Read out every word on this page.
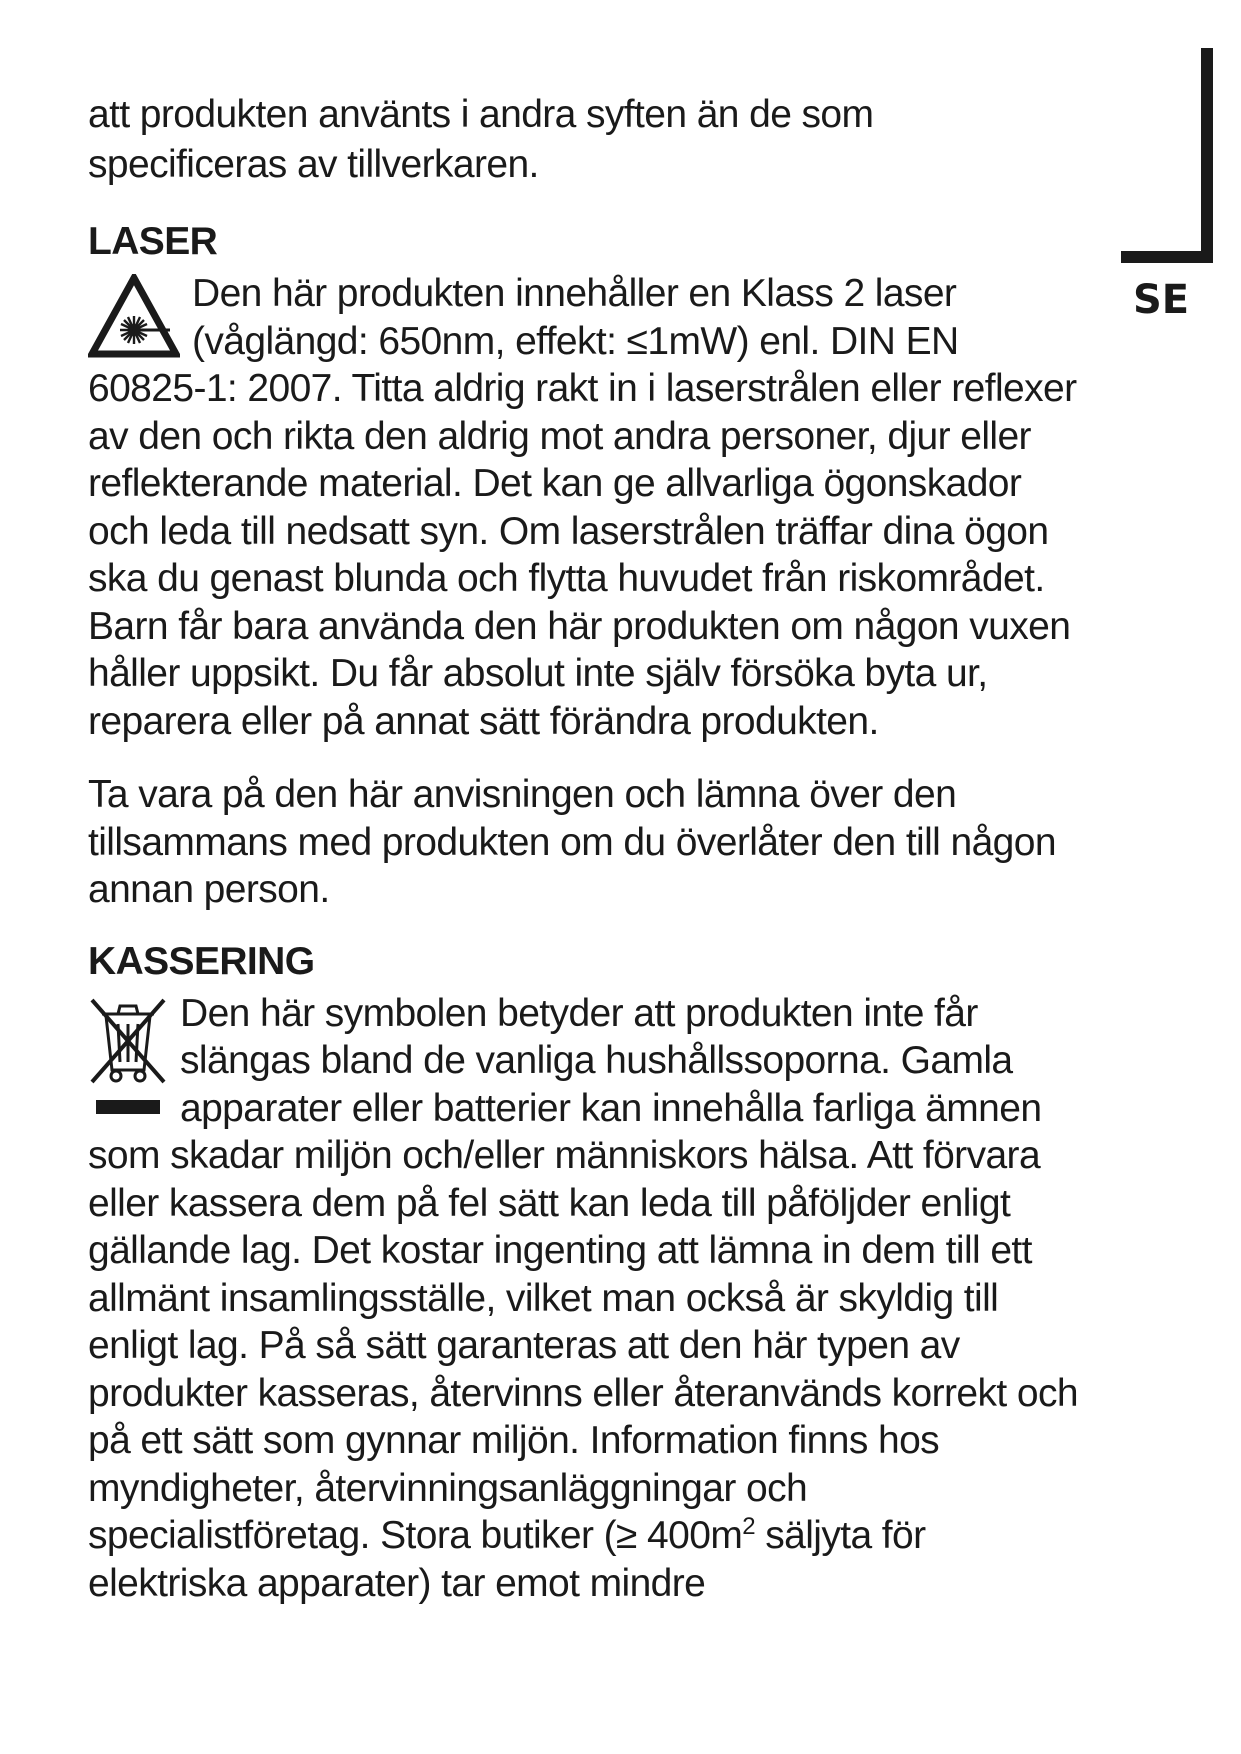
SE

att produkten använts i andra syften än de som specificeras av tillverkaren.

LASER

Den här produkten innehåller en Klass 2 laser (våglängd: 650nm, effekt: ≤1mW) enl. DIN EN 60825-1: 2007. Titta aldrig rakt in i laserstrålen eller reflexer av den och rikta den aldrig mot andra personer, djur eller reflekterande material. Det kan ge allvarliga ögonskador och leda till nedsatt syn. Om laserstrålen träffar dina ögon ska du genast blunda och flytta huvudet från riskområdet. Barn får bara använda den här produkten om någon vuxen håller uppsikt. Du får absolut inte själv försöka byta ur, reparera eller på annat sätt förändra produkten.

Ta vara på den här anvisningen och lämna över den tillsammans med produkten om du överlåter den till någon annan person.

KASSERING

Den här symbolen betyder att produkten inte får slängas bland de vanliga hushållssoporna. Gamla apparater eller batterier kan innehålla farliga ämnen som skadar miljön och/eller människors hälsa. Att förvara eller kassera dem på fel sätt kan leda till påföljder enligt gällande lag. Det kostar ingenting att lämna in dem till ett allmänt insamlingsställe, vilket man också är skyldig till enligt lag. På så sätt garanteras att den här typen av produkter kasseras, återvinns eller återanvänds korrekt och på ett sätt som gynnar miljön. Information finns hos myndigheter, återvinningsanläggningar och specialistföretag. Stora butiker (≥ $400m^2$ säljyta för elektriska apparater) tar emot mindre
